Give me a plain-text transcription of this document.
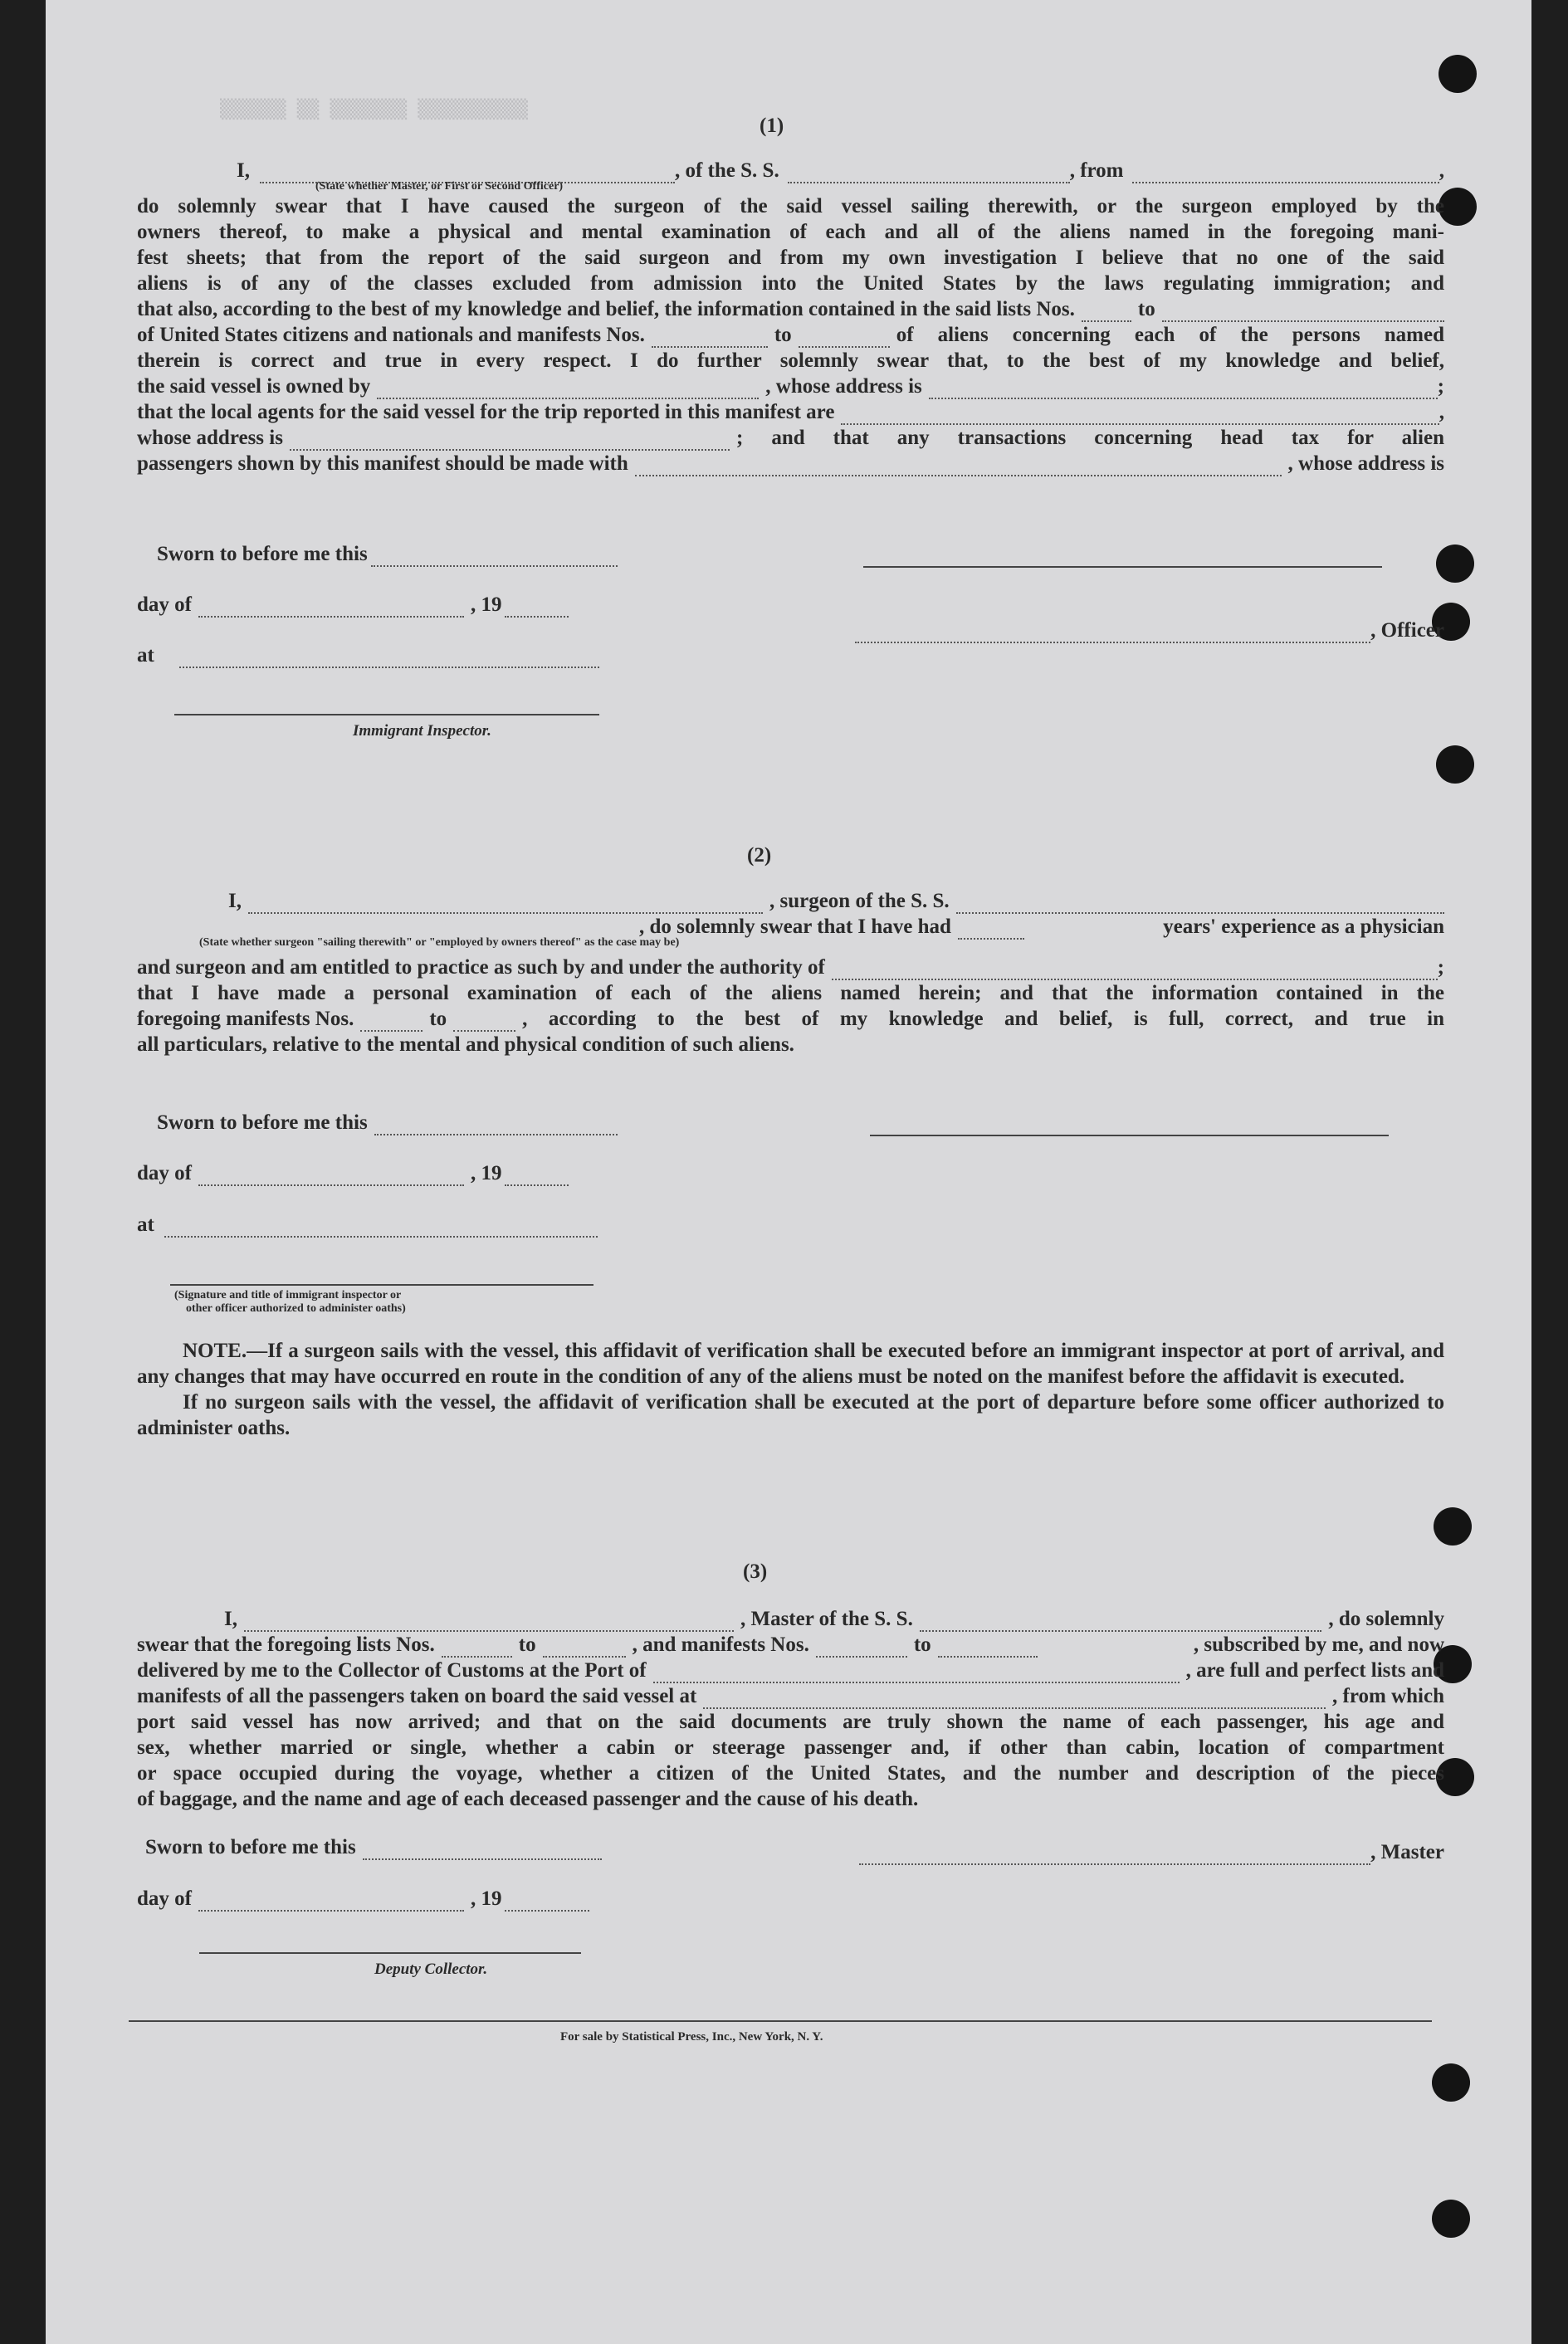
▒▒▒▒▒▒ ▒▒ ▒▒▒▒▒▒▒ ▒▒▒▒▒▒▒▒▒▒
(1)
I,	, of the S. S.	, from	,
(State whether Master, or First or Second Officer)
do solemnly swear that I have caused the surgeon of the said vessel sailing therewith, or the surgeon employed by the
owners thereof, to make a physical and mental examination of each and all of the aliens named in the foregoing mani-
fest sheets; that from the report of the said surgeon and from my own investigation I believe that no one of the said
aliens is of any of the classes excluded from admission into the United States by the laws regulating immigration; and
that also, according to the best of my knowledge and belief, the information contained in the said lists Nos.	to
of United States citizens and nationals and manifests Nos.	to	of aliens concerning each of the persons named
therein is correct and true in every respect. I do further solemnly swear that, to the best of my knowledge and belief,
the said vessel is owned by	, whose address is	;
that the local agents for the said vessel for the trip reported in this manifest are	,
whose address is	; and that any transactions concerning head tax for alien
passengers shown by this manifest should be made with	, whose address is
Sworn to before me this
day of	, 19
, Officer
at
Immigrant Inspector.
(2)
I,	, surgeon of the S. S.
, do solemnly swear that I have had	years' experience as a physician
(State whether surgeon "sailing therewith" or "employed by owners thereof" as the case may be)
and surgeon and am entitled to practice as such by and under the authority of	;
that I have made a personal examination of each of the aliens named herein; and that the information contained in the
foregoing manifests Nos.	to	, according to the best of my knowledge and belief, is full, correct, and true in
all particulars, relative to the mental and physical condition of such aliens.
Sworn to before me this
day of	, 19
at
(Signature and title of immigrant inspector or
other officer authorized to administer oaths)

NOTE.—If a surgeon sails with the vessel, this affidavit of verification shall be executed before an immigrant inspector at port of arrival, and any changes that may have occurred en route in the condition of any of the aliens must be noted on the manifest before the affidavit is executed.

If no surgeon sails with the vessel, the affidavit of verification shall be executed at the port of departure before some officer authorized to administer oaths.

(3)
I,	, Master of the S. S.	, do solemnly
swear that the foregoing lists Nos.	to	, and manifests Nos.	to	, subscribed by me, and now
delivered by me to the Collector of Customs at the Port of	, are full and perfect lists and
manifests of all the passengers taken on board the said vessel at	, from which
port said vessel has now arrived; and that on the said documents are truly shown the name of each passenger, his age and
sex, whether married or single, whether a cabin or steerage passenger and, if other than cabin, location of compartment
or space occupied during the voyage, whether a citizen of the United States, and the number and description of the pieces
of baggage, and the name and age of each deceased passenger and the cause of his death.
Sworn to before me this	, Master
day of	, 19
Deputy Collector.
For sale by Statistical Press, Inc., New York, N. Y.
